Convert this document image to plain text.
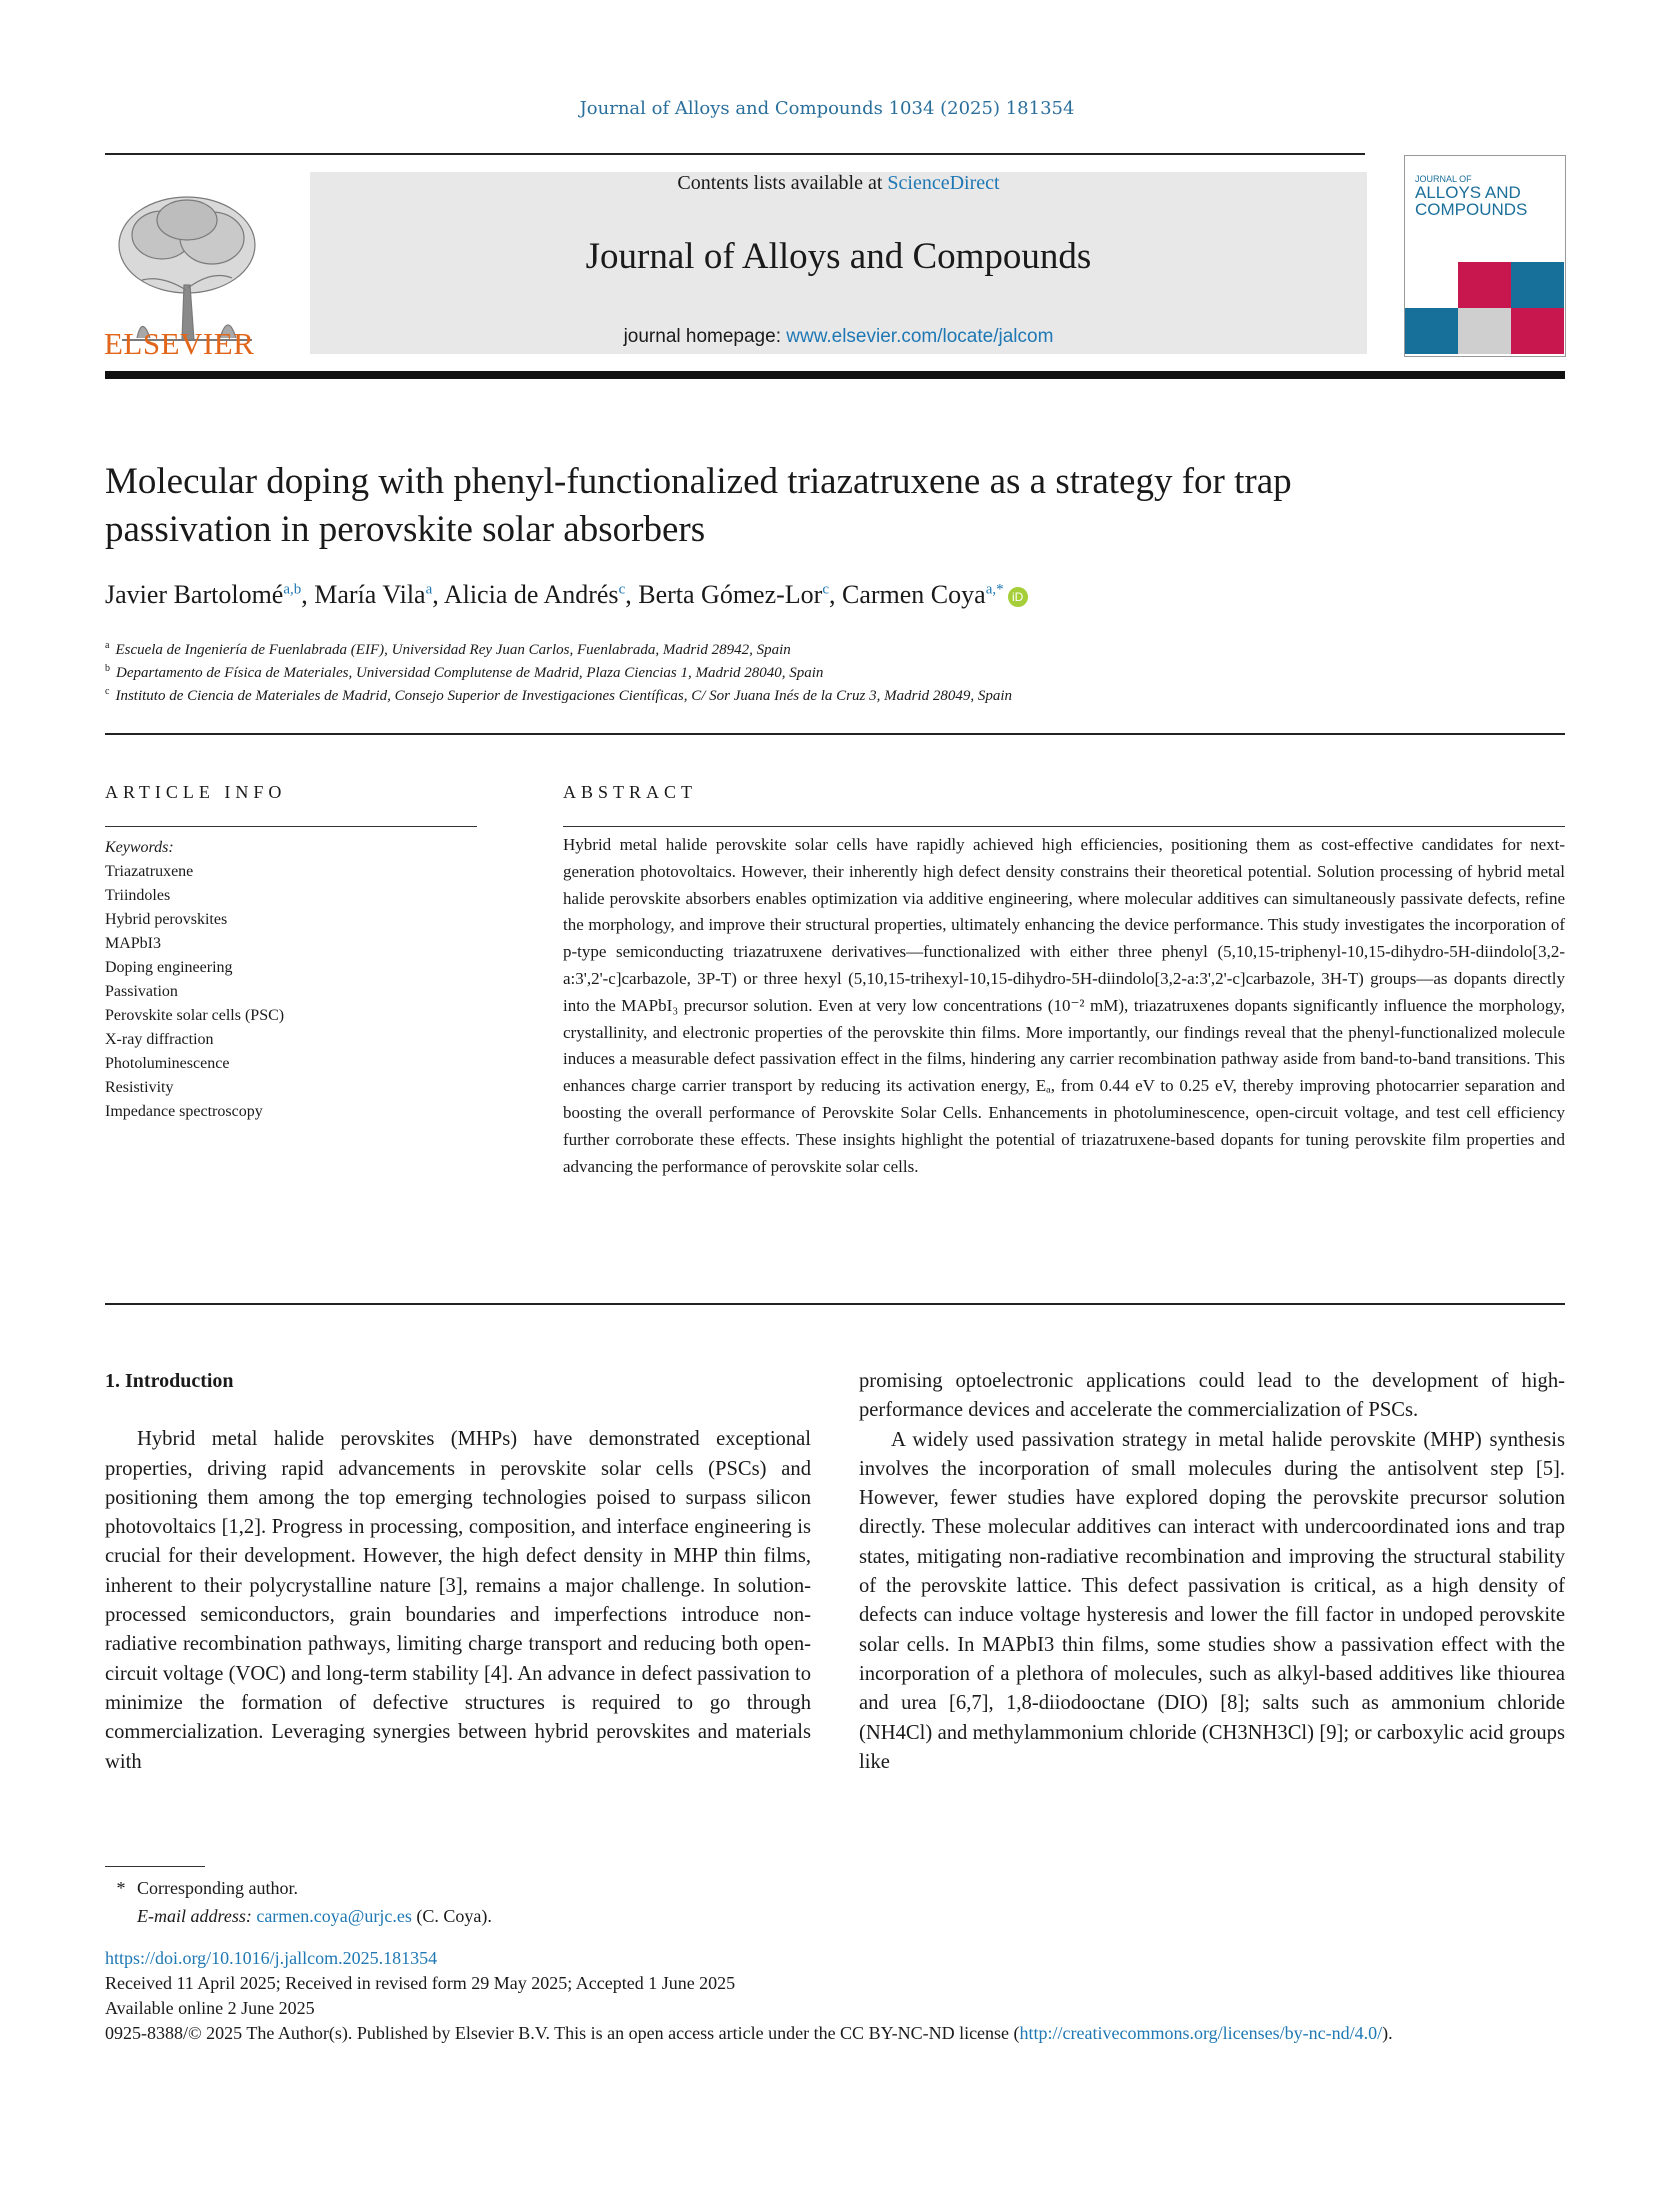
Journal of Alloys and Compounds 1034 (2025) 181354
ELSEVIER
Contents lists available at ScienceDirect
Journal of Alloys and Compounds
journal homepage: www.elsevier.com/locate/jalcom
JOURNAL OF
ALLOYS AND
COMPOUNDS
Molecular doping with phenyl-functionalized triazatruxene as a strategy for trap passivation in perovskite solar absorbers
Javier Bartolomé$^{a,b}$, María Vila$^a$, Alicia de Andrés$^c$, Berta Gómez-Lor$^c$, Carmen Coya$^{a,*}$ iD
$^a$ Escuela de Ingeniería de Fuenlabrada (EIF), Universidad Rey Juan Carlos, Fuenlabrada, Madrid 28942, Spain
$^b$ Departamento de Física de Materiales, Universidad Complutense de Madrid, Plaza Ciencias 1, Madrid 28040, Spain
$^c$ Instituto de Ciencia de Materiales de Madrid, Consejo Superior de Investigaciones Científicas, C/ Sor Juana Inés de la Cruz 3, Madrid 28049, Spain
ARTICLE INFO	ABSTRACT
Keywords:
Triazatruxene
Triindoles
Hybrid perovskites
MAPbI3
Doping engineering
Passivation
Perovskite solar cells (PSC)
X-ray diffraction
Photoluminescence
Resistivity
Impedance spectroscopy
Hybrid metal halide perovskite solar cells have rapidly achieved high efficiencies, positioning them as cost-effective candidates for next-generation photovoltaics. However, their inherently high defect density constrains their theoretical potential. Solution processing of hybrid metal halide perovskite absorbers enables optimization via additive engineering, where molecular additives can simultaneously passivate defects, refine the morphology, and improve their structural properties, ultimately enhancing the device performance. This study investigates the incorporation of p-type semiconducting triazatruxene derivatives—functionalized with either three phenyl (5,10,15-triphenyl-10,15-dihydro-5H-diindolo[3,2-a:3',2'-c]carbazole, 3P-T) or three hexyl (5,10,15-trihexyl-10,15-dihydro-5H-diindolo[3,2-a:3',2'-c]carbazole, 3H-T) groups—as dopants directly into the MAPbI₃ precursor solution. Even at very low concentrations (10⁻² mM), triazatruxenes dopants significantly influence the morphology, crystallinity, and electronic properties of the perovskite thin films. More importantly, our findings reveal that the phenyl-functionalized molecule induces a measurable defect passivation effect in the films, hindering any carrier recombination pathway aside from band-to-band transitions. This enhances charge carrier transport by reducing its activation energy, Eₐ, from 0.44 eV to 0.25 eV, thereby improving photocarrier separation and boosting the overall performance of Perovskite Solar Cells. Enhancements in photoluminescence, open-circuit voltage, and test cell efficiency further corroborate these effects. These insights highlight the potential of triazatruxene-based dopants for tuning perovskite film properties and advancing the performance of perovskite solar cells.

1. Introduction

Hybrid metal halide perovskites (MHPs) have demonstrated exceptional properties, driving rapid advancements in perovskite solar cells (PSCs) and positioning them among the top emerging technologies poised to surpass silicon photovoltaics [1,2]. Progress in processing, composition, and interface engineering is crucial for their development. However, the high defect density in MHP thin films, inherent to their polycrystalline nature [3], remains a major challenge. In solution-processed semiconductors, grain boundaries and imperfections introduce non-radiative recombination pathways, limiting charge transport and reducing both open-circuit voltage (VOC) and long-term stability [4]. An advance in defect passivation to minimize the formation of defective structures is required to go through commercialization. Leveraging synergies between hybrid perovskites and materials with

promising optoelectronic applications could lead to the development of high-performance devices and accelerate the commercialization of PSCs.

A widely used passivation strategy in metal halide perovskite (MHP) synthesis involves the incorporation of small molecules during the antisolvent step [5]. However, fewer studies have explored doping the perovskite precursor solution directly. These molecular additives can interact with undercoordinated ions and trap states, mitigating non-radiative recombination and improving the structural stability of the perovskite lattice. This defect passivation is critical, as a high density of defects can induce voltage hysteresis and lower the fill factor in undoped perovskite solar cells. In MAPbI3 thin films, some studies show a passivation effect with the incorporation of a plethora of molecules, such as alkyl-based additives like thiourea and urea [6,7], 1,8-diiodooctane (DIO) [8]; salts such as ammonium chloride (NH4Cl) and methylammonium chloride (CH3NH3Cl) [9]; or carboxylic acid groups like

* Corresponding author.
E-mail address: carmen.coya@urjc.es (C. Coya).
https://doi.org/10.1016/j.jallcom.2025.181354
Received 11 April 2025; Received in revised form 29 May 2025; Accepted 1 June 2025
Available online 2 June 2025
0925-8388/© 2025 The Author(s). Published by Elsevier B.V. This is an open access article under the CC BY-NC-ND license (http://creativecommons.org/licenses/by-nc-nd/4.0/).
